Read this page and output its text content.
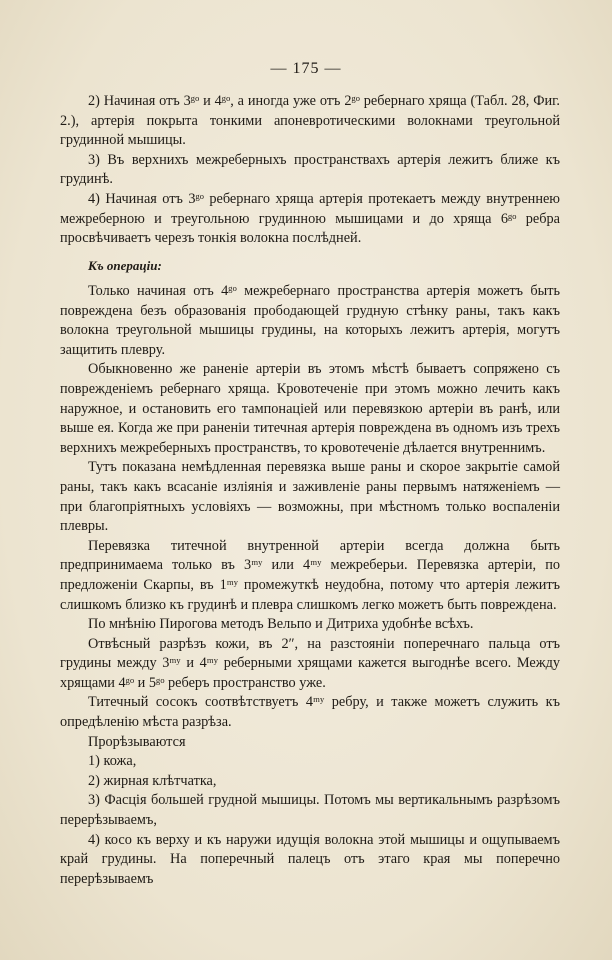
— 175 —

2) Начиная отъ 3ᵍᵒ и 4ᵍᵒ, а иногда уже отъ 2ᵍᵒ ребернаго хряща (Табл. 28, Фиг. 2.), артерія покрыта тонкими апоневротическими волокнами треугольной грудинной мышицы.

3) Въ верхнихъ межреберныхъ пространствахъ артерія лежитъ ближе къ грудинѣ.

4) Начиная отъ 3ᵍᵒ ребернаго хряща артерія протекаетъ между внутреннею межреберною и треугольною грудинною мышицами и до хряща 6ᵍᵒ ребра просвѣчиваетъ черезъ тонкія волокна послѣдней.

Къ операціи:

Только начиная отъ 4ᵍᵒ межребернаго пространства артерія можетъ быть повреждена безъ образованія прободающей грудную стѣнку раны, такъ какъ волокна треугольной мышицы грудины, на которыхъ лежитъ артерія, могутъ защитить плевру.

Обыкновенно же раненіе артеріи въ этомъ мѣстѣ бываетъ сопряжено съ поврежденіемъ ребернаго хряща. Кровотеченіе при этомъ можно лечить какъ наружное, и остановить его тампонаціей или перевязкою артеріи въ ранѣ, или выше ея. Когда же при раненіи титечная артерія повреждена въ одномъ изъ трехъ верхнихъ межреберныхъ пространствъ, то кровотеченіе дѣлается внутреннимъ.

Тутъ показана немѣдленная перевязка выше раны и скорое закрытіе самой раны, такъ какъ всасаніе изліянія и заживленіе раны первымъ натяженіемъ — при благопріятныхъ условіяхъ — возможны, при мѣстномъ только воспаленіи плевры.

Перевязка титечной внутренной артеріи всегда должна быть предпринимаема только въ 3ᵐʸ или 4ᵐʸ межреберьи. Перевязка артеріи, по предложеніи Скарпы, въ 1ᵐʸ промежуткѣ неудобна, потому что артерія лежитъ слишкомъ близко къ грудинѣ и плевра слишкомъ легко можетъ быть повреждена.

По мнѣнію Пирогова методъ Вельпо и Дитриха удобнѣе всѣхъ.

Отвѣсный разрѣзъ кожи, въ 2″, на разстояніи поперечнаго пальца отъ грудины между 3ᵐʸ и 4ᵐʸ реберными хрящами кажется выгоднѣе всего. Между хрящами 4ᵍᵒ и 5ᵍᵒ реберъ пространство уже.

Титечный сосокъ соотвѣтствуетъ 4ᵐʸ ребру, и также можетъ служить къ опредѣленію мѣста разрѣза.

Прорѣзываются

1) кожа,

2) жирная клѣтчатка,

3) Фасція большей грудной мышицы. Потомъ мы вертикальнымъ разрѣзомъ перерѣзываемъ,

4) косо къ верху и къ наружи идущія волокна этой мышицы и ощупываемъ край грудины. На поперечный палецъ отъ этаго края мы поперечно перерѣзываемъ
